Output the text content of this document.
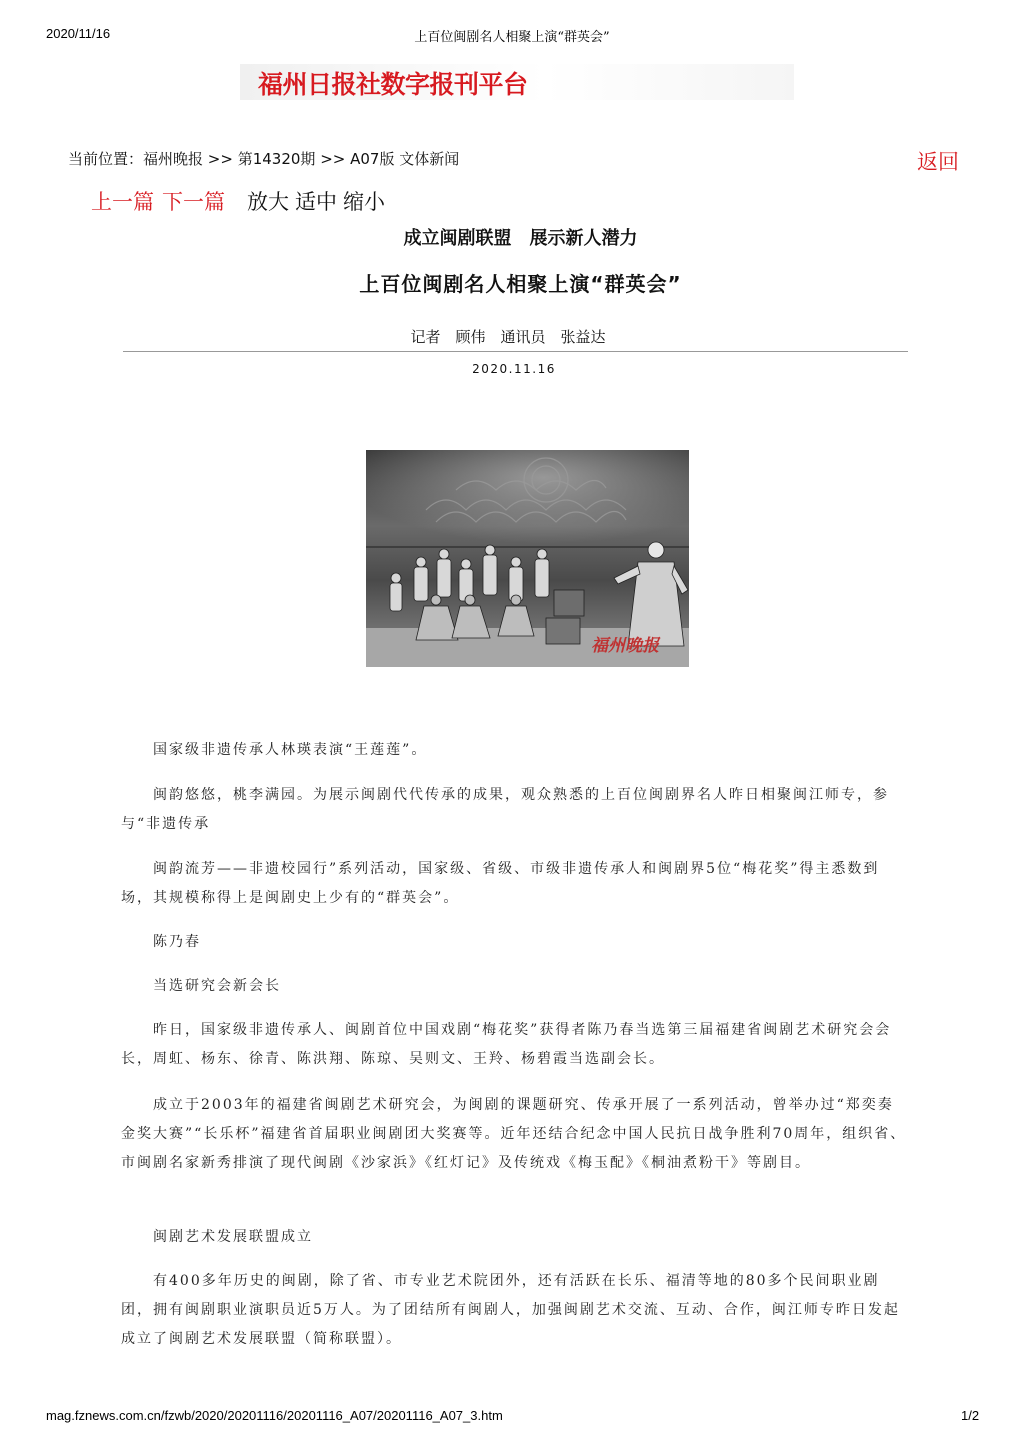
2020/11/16	上百位闽剧名人相聚上演“群英会”
福州日报社数字报刊平台
当前位置：福州晚报 >> 第14320期 >> A07版 文体新闻	返回
上一篇 下一篇 放大 适中 缩小
成立闽剧联盟　展示新人潜力
上百位闽剧名人相聚上演“群英会”
记者　顾伟　通讯员　张益达
2020.11.16
福州晚报

国家级非遗传承人林瑛表演“王莲莲”。

闽韵悠悠，桃李满园。为展示闽剧代代传承的成果，观众熟悉的上百位闽剧界名人昨日相聚闽江师专，参与“非遗传承
闽韵流芳——非遗校园行”系列活动，国家级、省级、市级非遗传承人和闽剧界5位“梅花奖”得主悉数到场，其规模称得上是闽剧史上少有的“群英会”。
陈乃春
当选研究会新会长
昨日，国家级非遗传承人、闽剧首位中国戏剧“梅花奖”获得者陈乃春当选第三届福建省闽剧艺术研究会会长，周虹、杨东、徐青、陈洪翔、陈琼、吴则文、王羚、杨碧霞当选副会长。
成立于2003年的福建省闽剧艺术研究会，为闽剧的课题研究、传承开展了一系列活动，曾举办过“郑奕奏金奖大赛”“长乐杯”福建省首届职业闽剧团大奖赛等。近年还结合纪念中国人民抗日战争胜利70周年，组织省、市闽剧名家新秀排演了现代闽剧《沙家浜》《红灯记》及传统戏《梅玉配》《桐油煮粉干》等剧目。
闽剧艺术发展联盟成立
有400多年历史的闽剧，除了省、市专业艺术院团外，还有活跃在长乐、福清等地的80多个民间职业剧团，拥有闽剧职业演职员近5万人。为了团结所有闽剧人，加强闽剧艺术交流、互动、合作，闽江师专昨日发起成立了闽剧艺术发展联盟（简称联盟）。
mag.fznews.com.cn/fzwb/2020/20201116/20201116_A07/20201116_A07_3.htm	1/2
